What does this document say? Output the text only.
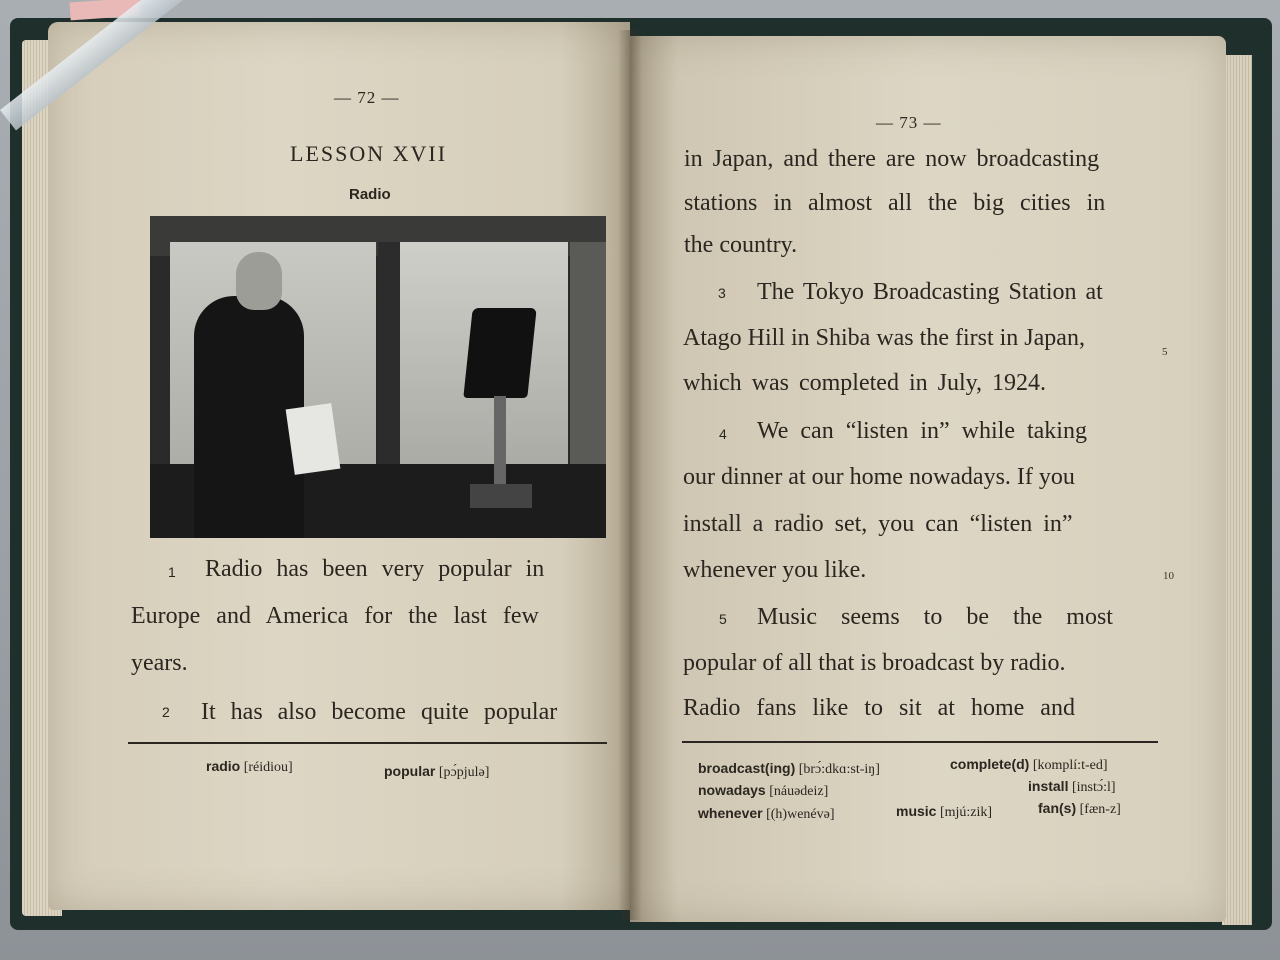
— 72 —
LESSON XVII
Radio
1 Radio has been very popular in
Europe and America for the last few
years.
2 It has also become quite popular
radio [réidiou]	popular [pɔ́pjulə]
— 73 —
in Japan, and there are now broadcasting
stations in almost all the big cities in
the country.
3 The Tokyo Broadcasting Station at
Atago Hill in Shiba was the first in Japan,
5
which was completed in July, 1924.
4 We can “listen in” while taking
our dinner at our home nowadays. If you
install a radio set, you can “listen in”
whenever you like.	10
5 Music seems to be the most
popular of all that is broadcast by radio.
Radio fans like to sit at home and
broadcast(ing) [brɔ́:dkɑ:st-iŋ]	complete(d) [komplí:t-ed]
nowadays [náuədeiz]	install [instɔ́:l]
whenever [(h)wenévə]	music [mjú:zik]	fan(s) [fæn-z]
